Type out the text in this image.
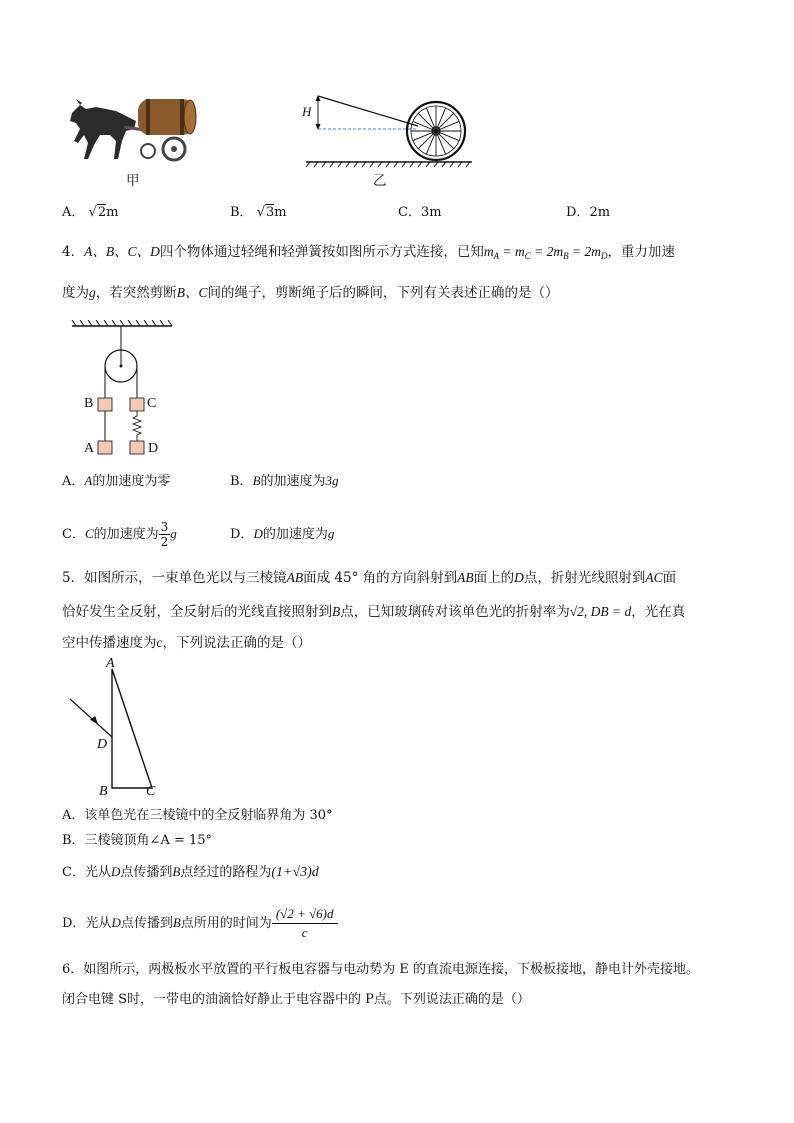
甲
H
乙
A． √2m	B． √3m	C．3m	D．2m
4．A、B、C、D四个物体通过轻绳和轻弹簧按如图所示方式连接，已知$m_A = m_C = 2m_B = 2m_D$，重力加速
度为g，若突然剪断B、C间的绳子，剪断绳子后的瞬间，下列有关表述正确的是（）
B	C
A	D
A．A的加速度为零	B．B的加速度为3g
C．C的加速度为 $\frac{3}{2}$ g	D．D的加速度为g
5．如图所示，一束单色光以与三棱镜AB面成 45° 角的方向斜射到AB面上的D点，折射光线照射到AC面
恰好发生全反射，全反射后的光线直接照射到B点，已知玻璃砖对该单色光的折射率为√2, DB = d，光在真
空中传播速度为c，下列说法正确的是（）
A
D
B	C
A．该单色光在三棱镜中的全反射临界角为 30°
B．三棱镜顶角∠A = 15°
C．光从D点传播到B点经过的路程为(1+√3)d
D．光从D点传播到B点所用的时间为 $\frac{(√2 + √6)d}{c}$
6．如图所示，两极板水平放置的平行板电容器与电动势为 E 的直流电源连接，下极板接地，静电计外壳接地。
闭合电键 S时，一带电的油滴恰好静止于电容器中的 P点。下列说法正确的是（）
